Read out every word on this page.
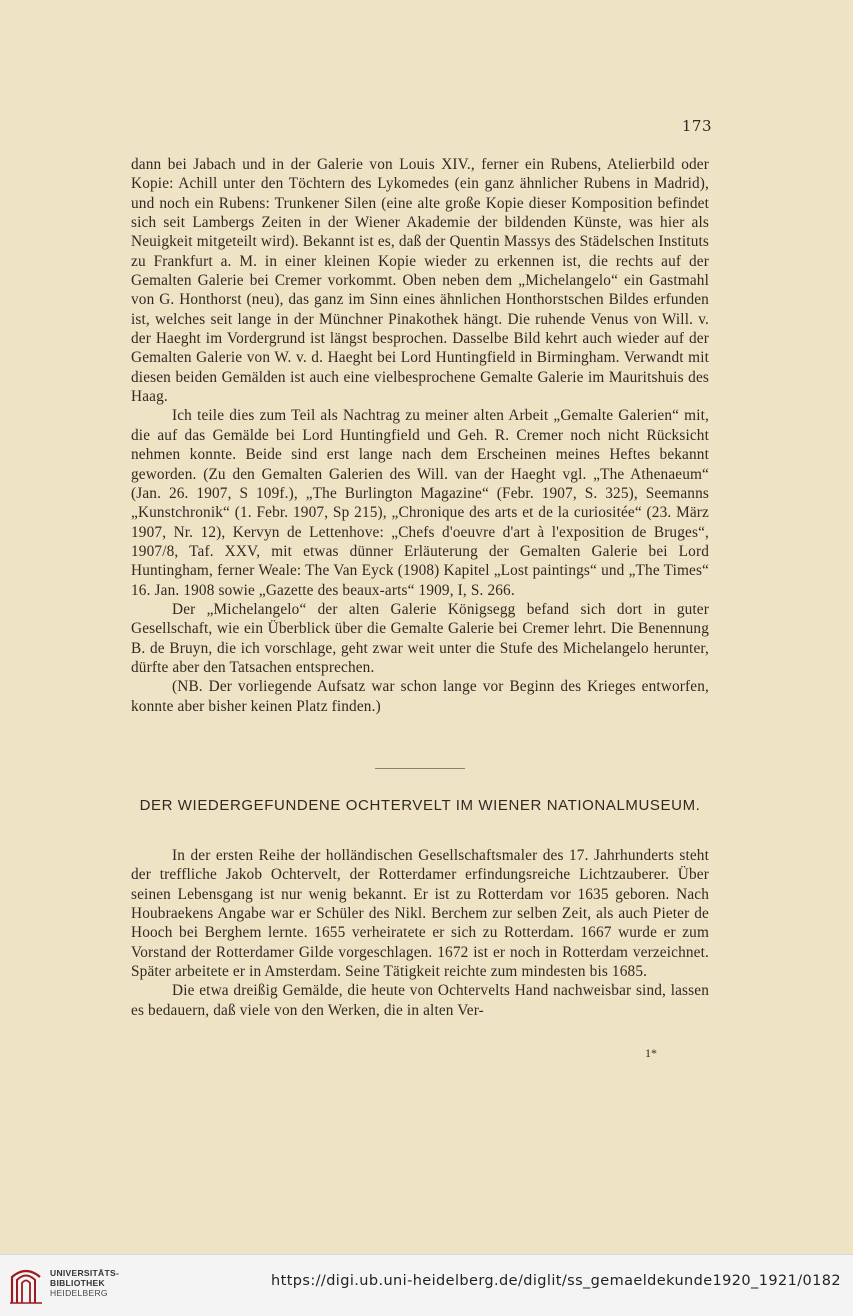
173

dann bei Jabach und in der Galerie von Louis XIV., ferner ein Rubens, Atelierbild oder Kopie: Achill unter den Töchtern des Lykomedes (ein ganz ähnlicher Rubens in Madrid), und noch ein Rubens: Trunkener Silen (eine alte große Kopie dieser Komposition befindet sich seit Lambergs Zeiten in der Wiener Akademie der bildenden Künste, was hier als Neuigkeit mitgeteilt wird). Bekannt ist es, daß der Quentin Massys des Städelschen Instituts zu Frankfurt a. M. in einer kleinen Kopie wieder zu erkennen ist, die rechts auf der Gemalten Galerie bei Cremer vorkommt. Oben neben dem „Michelangelo“ ein Gastmahl von G. Honthorst (neu), das ganz im Sinn eines ähnlichen Honthorstschen Bildes erfunden ist, welches seit lange in der Münchner Pinakothek hängt. Die ruhende Venus von Will. v. der Haeght im Vordergrund ist längst besprochen. Dasselbe Bild kehrt auch wieder auf der Gemalten Galerie von W. v. d. Haeght bei Lord Huntingfield in Birmingham. Verwandt mit diesen beiden Gemälden ist auch eine vielbesprochene Gemalte Galerie im Mauritshuis des Haag.

Ich teile dies zum Teil als Nachtrag zu meiner alten Arbeit „Gemalte Galerien“ mit, die auf das Gemälde bei Lord Huntingfield und Geh. R. Cremer noch nicht Rücksicht nehmen konnte. Beide sind erst lange nach dem Erscheinen meines Heftes bekannt geworden. (Zu den Gemalten Galerien des Will. van der Haeght vgl. „The Athenaeum“ (Jan. 26. 1907, S 109f.), „The Burlington Magazine“ (Febr. 1907, S. 325), Seemanns „Kunstchronik“ (1. Febr. 1907, Sp 215), „Chronique des arts et de la curiositée“ (23. März 1907, Nr. 12), Kervyn de Lettenhove: „Chefs d'oeuvre d'art à l'exposition de Bruges“, 1907/8, Taf. XXV, mit etwas dünner Erläuterung der Gemalten Galerie bei Lord Huntingham, ferner Weale: The Van Eyck (1908) Kapitel „Lost paintings“ und „The Times“ 16. Jan. 1908 sowie „Gazette des beaux-arts“ 1909, I, S. 266.

Der „Michelangelo“ der alten Galerie Königsegg befand sich dort in guter Gesellschaft, wie ein Überblick über die Gemalte Galerie bei Cremer lehrt. Die Benennung B. de Bruyn, die ich vorschlage, geht zwar weit unter die Stufe des Michelangelo herunter, dürfte aber den Tatsachen entsprechen.

(NB. Der vorliegende Aufsatz war schon lange vor Beginn des Krieges entworfen, konnte aber bisher keinen Platz finden.)

DER WIEDERGEFUNDENE OCHTERVELT IM WIENER NATIONALMUSEUM.

In der ersten Reihe der holländischen Gesellschaftsmaler des 17. Jahrhunderts steht der treffliche Jakob Ochtervelt, der Rotterdamer erfindungsreiche Lichtzauberer. Über seinen Lebensgang ist nur wenig bekannt. Er ist zu Rotterdam vor 1635 geboren. Nach Houbraekens Angabe war er Schüler des Nikl. Berchem zur selben Zeit, als auch Pieter de Hooch bei Berghem lernte. 1655 verheiratete er sich zu Rotterdam. 1667 wurde er zum Vorstand der Rotterdamer Gilde vorgeschlagen. 1672 ist er noch in Rotterdam verzeichnet. Später arbeitete er in Amsterdam. Seine Tätigkeit reichte zum mindesten bis 1685.

Die etwa dreißig Gemälde, die heute von Ochtervelts Hand nachweisbar sind, lassen es bedauern, daß viele von den Werken, die in alten Ver-

1*
UNIVERSITÄTS-
BIBLIOTHEK
HEIDELBERG
https://digi.ub.uni-heidelberg.de/diglit/ss_gemaeldekunde1920_1921/0182
